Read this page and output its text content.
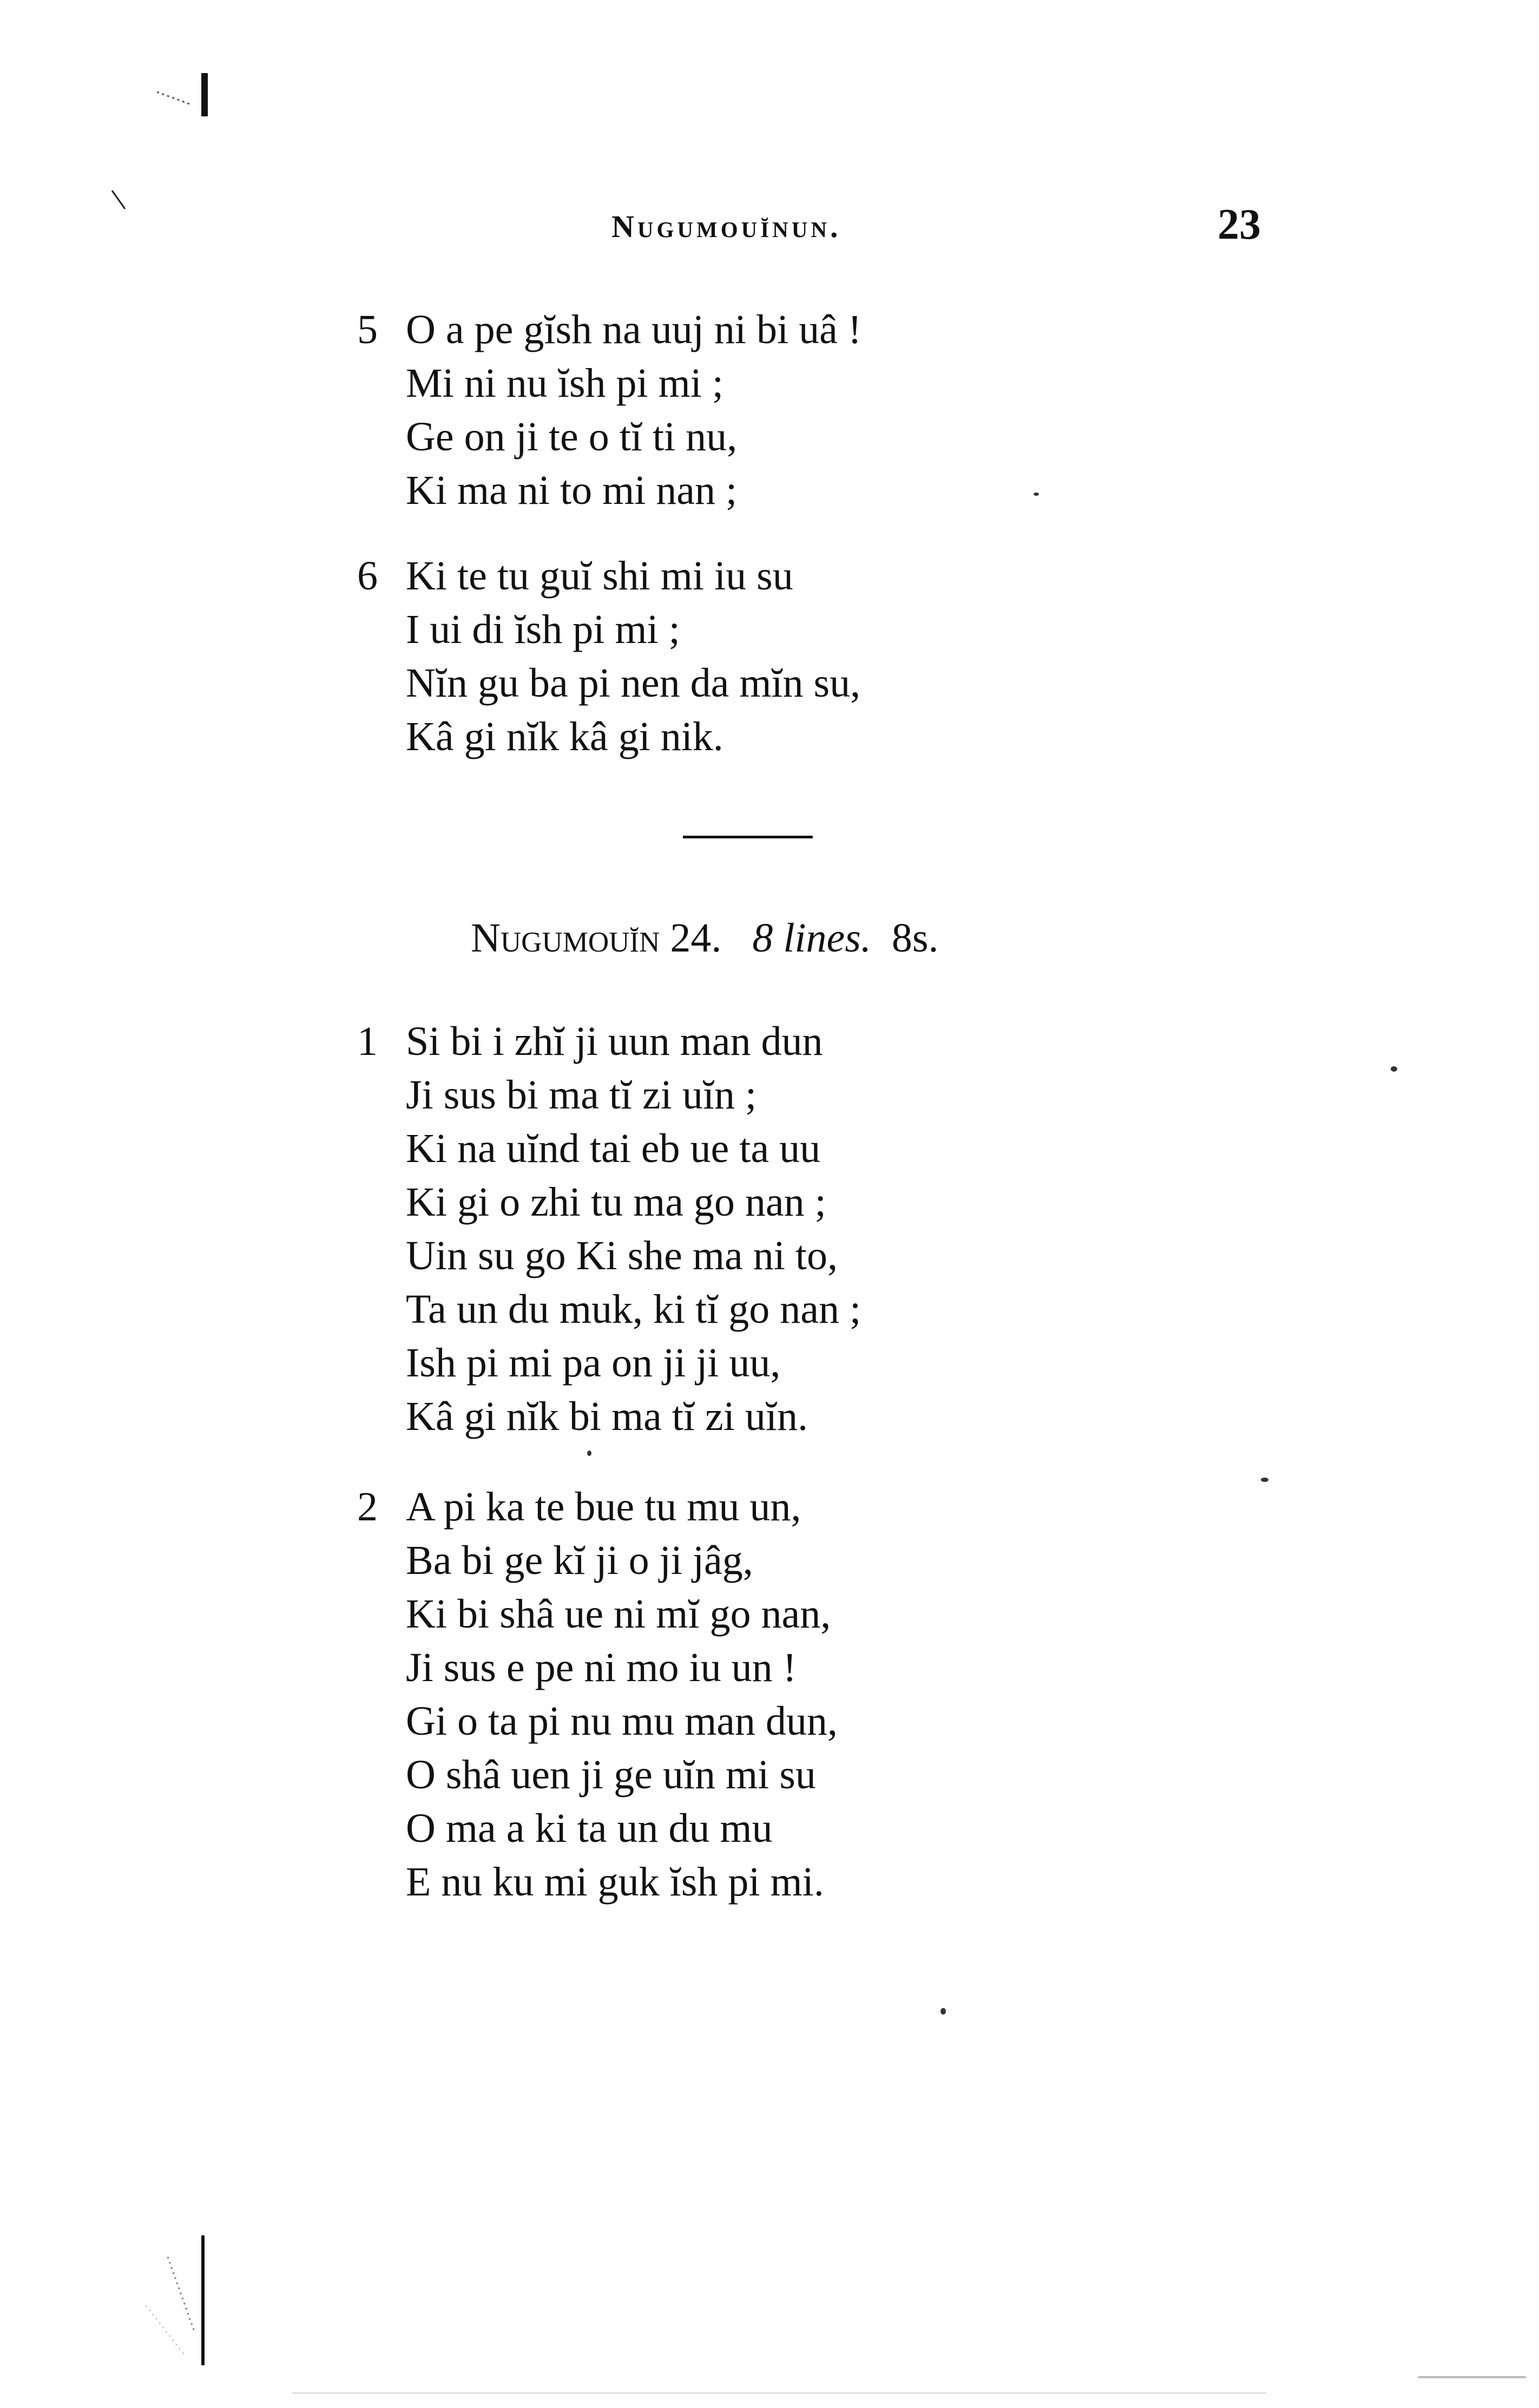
Nugumouĭnun.	23
5 O a pe gĭsh na uuj ni bi uâ !
Mi ni nu ĭsh pi mi ;
Ge on ji te o tĭ ti nu,
Ki ma ni to mi nan ;
6 Ki te tu guĭ shi mi iu su
I ui di ĭsh pi mi ;
Nĭn gu ba pi nen da mĭn su,
Kâ gi nĭk kâ gi nik.
Nugumouĭn 24. 8 lines. 8s.
1 Si bi i zhĭ ji uun man dun
Ji sus bi ma tĭ zi uĭn ;
Ki na uĭnd tai eb ue ta uu
Ki gi o zhi tu ma go nan ;
Uin su go Ki she ma ni to,
Ta un du muk, ki tĭ go nan ;
Ish pi mi pa on ji ji uu,
Kâ gi nĭk bi ma tĭ zi uĭn.
2 A pi ka te bue tu mu un,
Ba bi ge kĭ ji o ji jâg,
Ki bi shâ ue ni mĭ go nan,
Ji sus e pe ni mo iu un !
Gi o ta pi nu mu man dun,
O shâ uen ji ge uĭn mi su
O ma a ki ta un du mu
E nu ku mi guk ĭsh pi mi.
